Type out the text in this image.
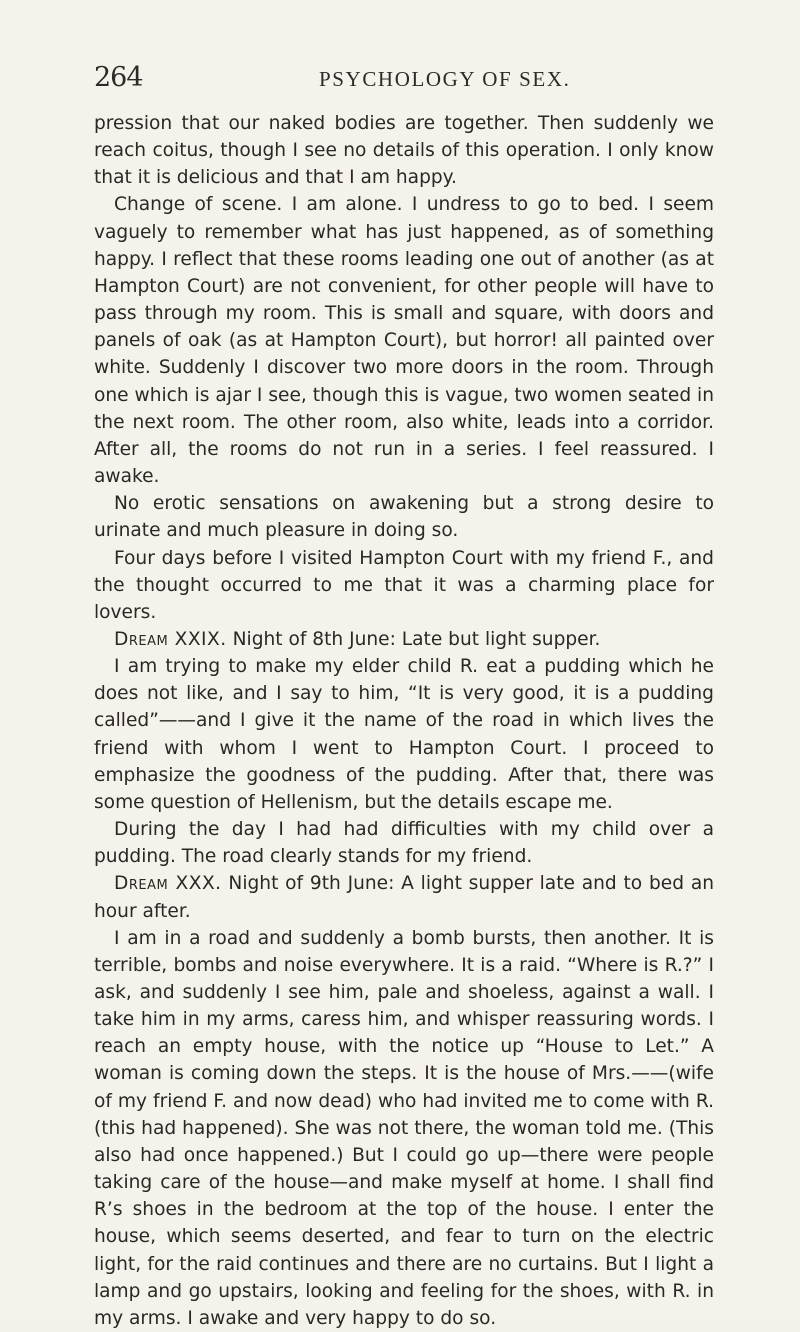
264	PSYCHOLOGY OF SEX.

pression that our naked bodies are together. Then suddenly we reach coitus, though I see no details of this operation. I only know that it is delicious and that I am happy.

Change of scene. I am alone. I undress to go to bed. I seem vaguely to remember what has just happened, as of something happy. I reflect that these rooms leading one out of another (as at Hampton Court) are not convenient, for other people will have to pass through my room. This is small and square, with doors and panels of oak (as at Hampton Court), but horror! all painted over white. Suddenly I discover two more doors in the room. Through one which is ajar I see, though this is vague, two women seated in the next room. The other room, also white, leads into a corridor. After all, the rooms do not run in a series. I feel reassured. I awake.

No erotic sensations on awakening but a strong desire to urinate and much pleasure in doing so.

Four days before I visited Hampton Court with my friend F., and the thought occurred to me that it was a charming place for lovers.

Dream XXIX. Night of 8th June: Late but light supper.

I am trying to make my elder child R. eat a pudding which he does not like, and I say to him, “It is very good, it is a pudding called”——and I give it the name of the road in which lives the friend with whom I went to Hampton Court. I proceed to emphasize the goodness of the pudding. After that, there was some question of Hellenism, but the details escape me.

During the day I had had difficulties with my child over a pudding. The road clearly stands for my friend.

Dream XXX. Night of 9th June: A light supper late and to bed an hour after.

I am in a road and suddenly a bomb bursts, then another. It is terrible, bombs and noise everywhere. It is a raid. “Where is R.?” I ask, and suddenly I see him, pale and shoeless, against a wall. I take him in my arms, caress him, and whisper reassuring words. I reach an empty house, with the notice up “House to Let.” A woman is coming down the steps. It is the house of Mrs.——(wife of my friend F. and now dead) who had invited me to come with R. (this had happened). She was not there, the woman told me. (This also had once happened.) But I could go up—there were people taking care of the house—and make myself at home. I shall find R’s shoes in the bedroom at the top of the house. I enter the house, which seems deserted, and fear to turn on the electric light, for the raid continues and there are no curtains. But I light a lamp and go upstairs, looking and feeling for the shoes, with R. in my arms. I awake and very happy to do so.
